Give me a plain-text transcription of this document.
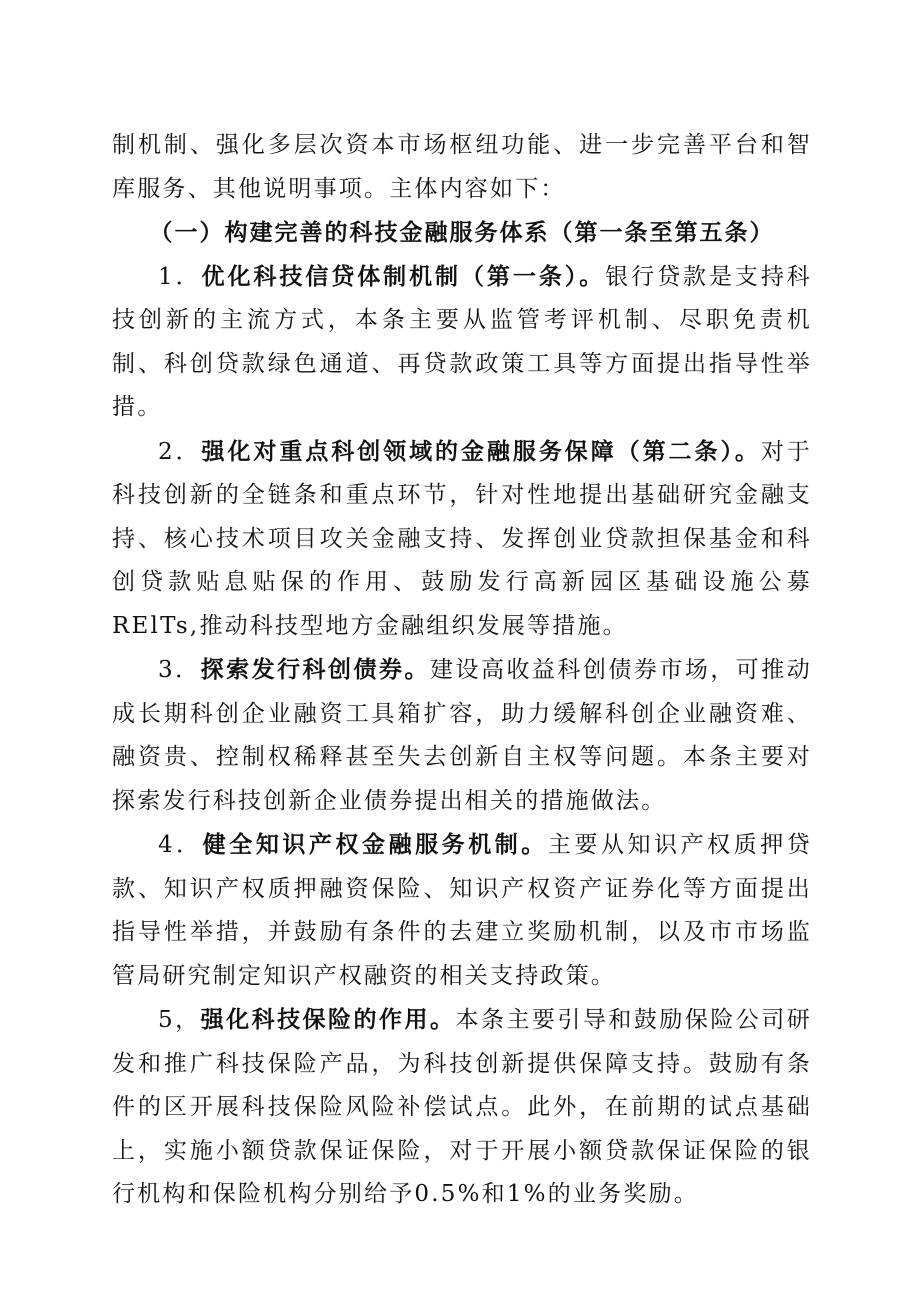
制机制、强化多层次资本市场枢纽功能、进一步完善平台和智库服务、其他说明事项。主体内容如下：

（一）构建完善的科技金融服务体系（第一条至第五条）

1．优化科技信贷体制机制（第一条）。银行贷款是支持科技创新的主流方式，本条主要从监管考评机制、尽职免责机制、科创贷款绿色通道、再贷款政策工具等方面提出指导性举措。

2．强化对重点科创领域的金融服务保障（第二条）。对于科技创新的全链条和重点环节，针对性地提出基础研究金融支持、核心技术项目攻关金融支持、发挥创业贷款担保基金和科创贷款贴息贴保的作用、鼓励发行高新园区基础设施公募RElTs,推动科技型地方金融组织发展等措施。

3．探索发行科创债券。建设高收益科创债券市场，可推动成长期科创企业融资工具箱扩容，助力缓解科创企业融资难、融资贵、控制权稀释甚至失去创新自主权等问题。本条主要对探索发行科技创新企业债券提出相关的措施做法。

4．健全知识产权金融服务机制。主要从知识产权质押贷款、知识产权质押融资保险、知识产权资产证券化等方面提出指导性举措，并鼓励有条件的去建立奖励机制，以及市市场监管局研究制定知识产权融资的相关支持政策。

5，强化科技保险的作用。本条主要引导和鼓励保险公司研发和推广科技保险产品，为科技创新提供保障支持。鼓励有条件的区开展科技保险风险补偿试点。此外，在前期的试点基础上，实施小额贷款保证保险，对于开展小额贷款保证保险的银行机构和保险机构分别给予0.5%和1%的业务奖励。
